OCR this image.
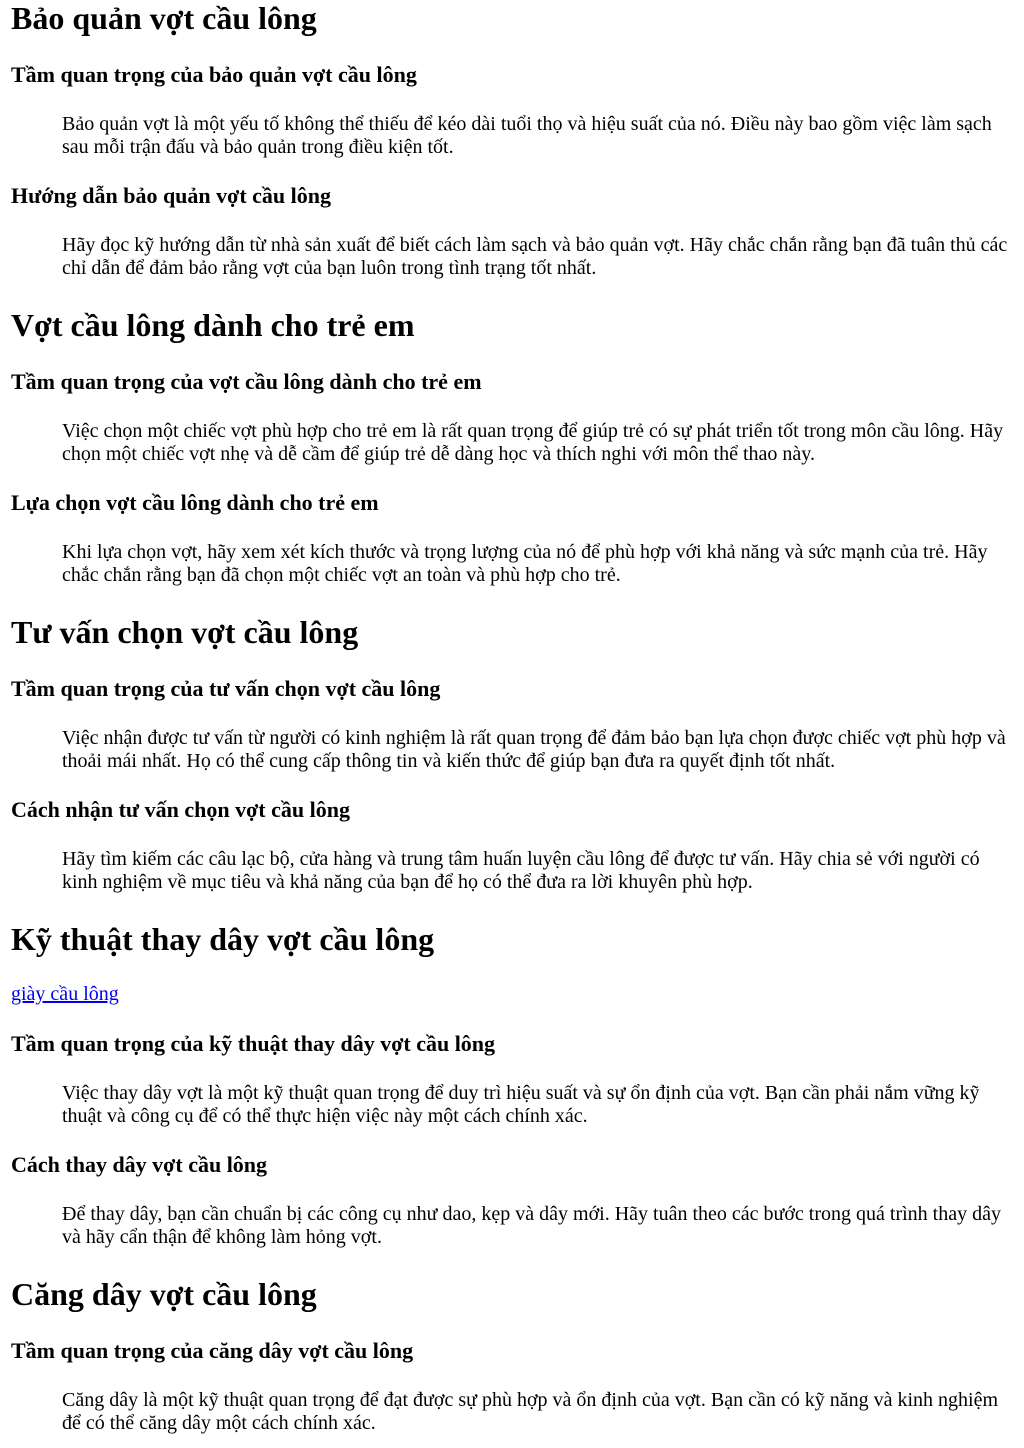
Bảo quản vợt cầu lông
Tầm quan trọng của bảo quản vợt cầu lông

Bảo quản vợt là một yếu tố không thể thiếu để kéo dài tuổi thọ và hiệu suất của nó. Điều này bao gồm việc làm sạch sau mỗi trận đấu và bảo quản trong điều kiện tốt.

Hướng dẫn bảo quản vợt cầu lông

Hãy đọc kỹ hướng dẫn từ nhà sản xuất để biết cách làm sạch và bảo quản vợt. Hãy chắc chắn rằng bạn đã tuân thủ các chỉ dẫn để đảm bảo rằng vợt của bạn luôn trong tình trạng tốt nhất.

Vợt cầu lông dành cho trẻ em
Tầm quan trọng của vợt cầu lông dành cho trẻ em

Việc chọn một chiếc vợt phù hợp cho trẻ em là rất quan trọng để giúp trẻ có sự phát triển tốt trong môn cầu lông. Hãy chọn một chiếc vợt nhẹ và dễ cầm để giúp trẻ dễ dàng học và thích nghi với môn thể thao này.

Lựa chọn vợt cầu lông dành cho trẻ em

Khi lựa chọn vợt, hãy xem xét kích thước và trọng lượng của nó để phù hợp với khả năng và sức mạnh của trẻ. Hãy chắc chắn rằng bạn đã chọn một chiếc vợt an toàn và phù hợp cho trẻ.

Tư vấn chọn vợt cầu lông
Tầm quan trọng của tư vấn chọn vợt cầu lông

Việc nhận được tư vấn từ người có kinh nghiệm là rất quan trọng để đảm bảo bạn lựa chọn được chiếc vợt phù hợp và thoải mái nhất. Họ có thể cung cấp thông tin và kiến thức để giúp bạn đưa ra quyết định tốt nhất.

Cách nhận tư vấn chọn vợt cầu lông

Hãy tìm kiếm các câu lạc bộ, cửa hàng và trung tâm huấn luyện cầu lông để được tư vấn. Hãy chia sẻ với người có kinh nghiệm về mục tiêu và khả năng của bạn để họ có thể đưa ra lời khuyên phù hợp.

Kỹ thuật thay dây vợt cầu lông
giày cầu lông
Tầm quan trọng của kỹ thuật thay dây vợt cầu lông

Việc thay dây vợt là một kỹ thuật quan trọng để duy trì hiệu suất và sự ổn định của vợt. Bạn cần phải nắm vững kỹ thuật và công cụ để có thể thực hiện việc này một cách chính xác.

Cách thay dây vợt cầu lông

Để thay dây, bạn cần chuẩn bị các công cụ như dao, kẹp và dây mới. Hãy tuân theo các bước trong quá trình thay dây và hãy cẩn thận để không làm hỏng vợt.

Căng dây vợt cầu lông
Tầm quan trọng của căng dây vợt cầu lông

Căng dây là một kỹ thuật quan trọng để đạt được sự phù hợp và ổn định của vợt. Bạn cần có kỹ năng và kinh nghiệm để có thể căng dây một cách chính xác.
